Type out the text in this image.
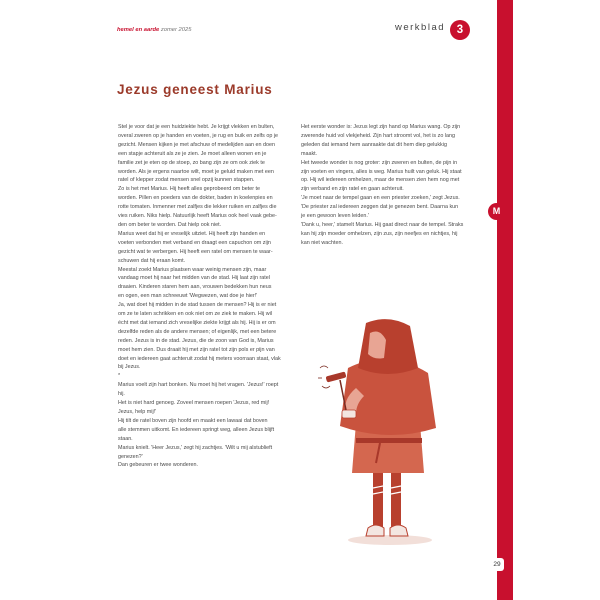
M
29
hemel en aarde zomer 2025	werkblad	3
Jezus geneest Marius

Stel je voor dat je een huidziekte hebt. Je krijgt vlekken en bulten,

overal zweren op je handen en voeten, je rug en buik en zelfs op je

gezicht. Mensen kijken je met afschuw of medelijden aan en doen

een stapje achteruit als ze je zien. Je moet alleen wonen en je

familie zet je eten op de stoep, zo bang zijn ze om ook ziek te

worden. Als je ergens naartoe wilt, moet je geluid maken met een

ratel of klepper zodat mensen snel opzij kunnen stappen.

Zo is het met Marius. Hij heeft alles geprobeerd om beter te

worden. Pillen en poeders van de dokter, baden in koelenpies en

rotte tomaten. Inmenner met zalfjes die lekker ruiken en zalfjes die

vies ruiken. Niks hielp. Natuurlijk heeft Marius ook heel vaak gebe-

den om beter te worden. Dat hielp ook niet.

Marius weet dat hij er vreselijk uitziet. Hij heeft zijn handen en

voeten verbonden met verband en draagt een capuchon om zijn

gezicht wat te verbergen. Hij heeft een ratel om mensen te waar-

schuwen dat hij eraan komt.

Meestal zoekt Marius plaatsen waar weinig mensen zijn, maar

vandaag moet hij naar het midden van de stad. Hij laat zijn ratel

draaien. Kinderen staren hem aan, vrouwen bedekken hun neus

en ogen, een man schreeuwt 'Wegwezen, wat doe je hier!'

Ja, wat doet hij midden in de stad tussen de mensen? Hij is er niet

om ze te laten schrikken en ook niet om ze ziek te maken. Hij wil

écht met dat iemand zich vreselijke ziekte krijgt als hij. Hij is er om

dezelfde reden als de andere mensen; of eigenlijk, met een betere

reden. Jezus is in de stad. Jezus, die de zoon van God is, Marius

moet hem zien. Dus draait hij met zijn ratel tot zijn pols er pijn van

doet en iedereen gaat achteruit zodat hij meters voorraan staat, vlak

bij Jezus.

*

Marius voelt zijn hart bonken. Nu moet hij het vragen. 'Jezus!' roept

hij.

Het is niet hard genoeg. Zoveel mensen roepen 'Jezus, red mij!

Jezus, help mij!'

Hij tilt de ratel boven zijn hoofd en maakt een lawaai dat boven

alle stemmen uitkomt. En iedereen springt weg, alleen Jezus blijft

staan.

Marius knielt. 'Heer Jezus,' zegt hij zachtjes. 'Wilt u mij alstublieft

genezen?'

Dan gebeuren er twee wonderen.

Het eerste wonder is: Jezus legt zijn hand op Marius wang. Op zijn

zwerende huid vol vlekjeheid. Zijn hart stroomt vol, het is zo lang

geleden dat iemand hem aanraakte dat dit hem diep gelukkig

maakt.

Het tweede wonder is nog groter: zijn zweren en bulten, de pijn in

zijn voeten en vingers, alles is weg. Marius huilt van geluk. Hij staat

op. Hij wil iedereen omhelzen, maar de mensen zien hem nog met

zijn verband en zijn ratel en gaan achteruit.

'Je moet naar de tempel gaan en een priester zoeken,' zegt Jezus.

'De priester zal iedereen zeggen dat je genezen bent. Daarna kun

je een gewoon leven leiden.'

'Dank u, heer,' stamelt Marius. Hij gaat direct naar de tempel. Straks

kan hij zijn moeder omhelzen, zijn zus, zijn neefjes en nichtjes, hij

kan niet wachten.
